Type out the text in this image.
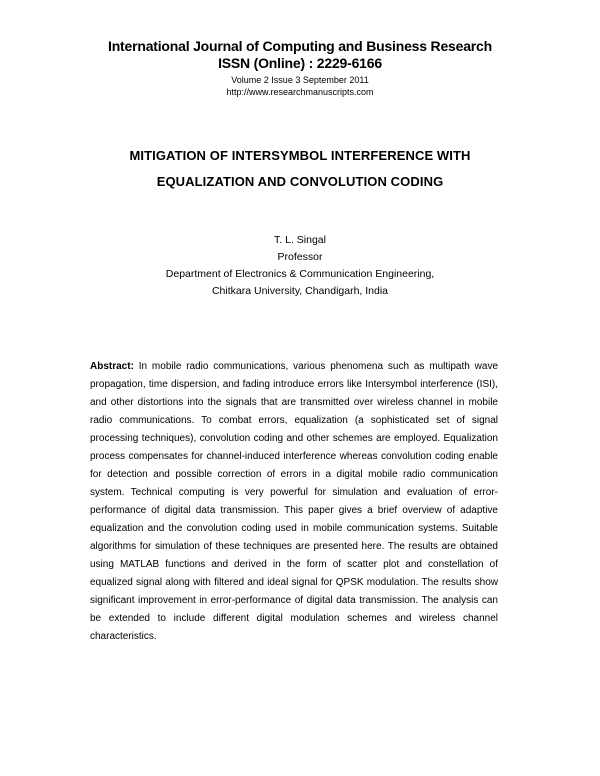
International Journal of Computing and Business Research
ISSN (Online) : 2229-6166
Volume 2 Issue 3 September 2011
http://www.researchmanuscripts.com
MITIGATION OF INTERSYMBOL INTERFERENCE WITH
EQUALIZATION AND CONVOLUTION CODING
T. L. Singal
Professor
Department of Electronics & Communication Engineering,
Chitkara University, Chandigarh, India
Abstract: In mobile radio communications, various phenomena such as multipath wave propagation, time dispersion, and fading introduce errors like Intersymbol interference (ISI), and other distortions into the signals that are transmitted over wireless channel in mobile radio communications. To combat errors, equalization (a sophisticated set of signal processing techniques), convolution coding and other schemes are employed. Equalization process compensates for channel-induced interference whereas convolution coding enable for detection and possible correction of errors in a digital mobile radio communication system. Technical computing is very powerful for simulation and evaluation of error-performance of digital data transmission. This paper gives a brief overview of adaptive equalization and the convolution coding used in mobile communication systems. Suitable algorithms for simulation of these techniques are presented here. The results are obtained using MATLAB functions and derived in the form of scatter plot and constellation of equalized signal along with filtered and ideal signal for QPSK modulation. The results show significant improvement in error-performance of digital data transmission. The analysis can be extended to include different digital modulation schemes and wireless channel characteristics.
